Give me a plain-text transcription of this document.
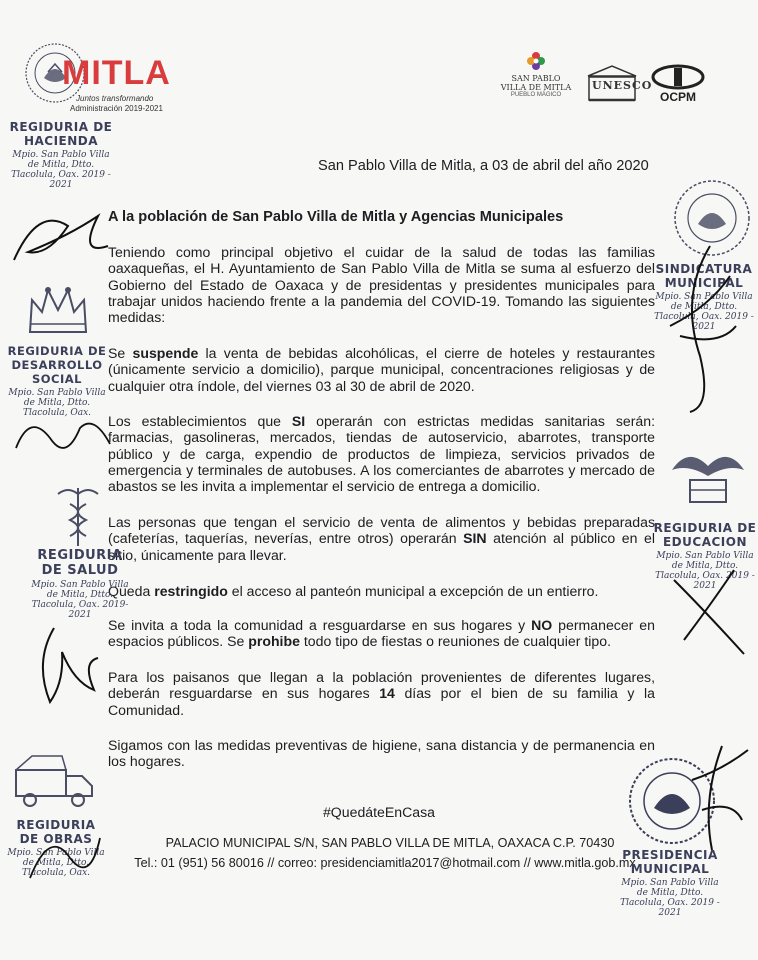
MITLA
Juntos transformando
Administración 2019-2021
SAN PABLO
VILLA DE MITLA
PUEBLO MÁGICO
UNESCO
OCPM
San Pablo Villa de Mitla, a 03 de abril del año 2020
A la población de San Pablo Villa de Mitla y Agencias Municipales
Teniendo como principal objetivo el cuidar de la salud de todas las familias oaxaqueñas, el H. Ayuntamiento de San Pablo Villa de Mitla se suma al esfuerzo del Gobierno del Estado de Oaxaca y de presidentas y presidentes municipales para trabajar unidos haciendo frente a la pandemia del COVID-19. Tomando las siguientes medidas:
Se suspende la venta de bebidas alcohólicas, el cierre de hoteles y restaurantes (únicamente servicio a domicilio), parque municipal, concentraciones religiosas y de cualquier otra índole, del viernes 03 al 30 de abril de 2020.
Los establecimientos que SI operarán con estrictas medidas sanitarias serán: farmacias, gasolineras, mercados, tiendas de autoservicio, abarrotes, transporte público y de carga, expendio de productos de limpieza, servicios privados de emergencia y terminales de autobuses. A los comerciantes de abarrotes y mercado de abastos se les invita a implementar el servicio de entrega a domicilio.
Las personas que tengan el servicio de venta de alimentos y bebidas preparadas (cafeterías, taquerías, neverías, entre otros) operarán SIN atención al público en el sitio, únicamente para llevar.
Queda restringido el acceso al panteón municipal a excepción de un entierro.
Se invita a toda la comunidad a resguardarse en sus hogares y NO permanecer en espacios públicos. Se prohibe todo tipo de fiestas o reuniones de cualquier tipo.
Para los paisanos que llegan a la población provenientes de diferentes lugares, deberán resguardarse en sus hogares 14 días por el bien de su familia y la Comunidad.
Sigamos con las medidas preventivas de higiene, sana distancia y de permanencia en los hogares.
#QuedáteEnCasa
PALACIO MUNICIPAL S/N, SAN PABLO VILLA DE MITLA, OAXACA C.P. 70430
Tel.: 01 (951) 56 80016 // correo: presidenciamitla2017@hotmail.com // www.mitla.gob.mx
REGIDURIA DE
HACIENDA
Mpio. San Pablo Villa de Mitla, Dtto. Tlacolula, Oax. 2019 - 2021
REGIDURIA DE
DESARROLLO
SOCIAL
Mpio. San Pablo Villa de Mitla, Dtto. Tlacolula, Oax.
REGIDURIA
DE SALUD
Mpio. San Pablo Villa de Mitla, Dtto. Tlacolula, Oax. 2019-2021
REGIDURIA
DE OBRAS
Mpio. San Pablo Villa de Mitla, Dtto. Tlacolula, Oax.
SINDICATURA
MUNICIPAL
Mpio. San Pablo Villa de Mitla, Dtto. Tlacolula, Oax. 2019 - 2021
REGIDURIA DE
EDUCACION
Mpio. San Pablo Villa de Mitla, Dtto. Tlacolula, Oax. 2019 - 2021
PRESIDENCIA
MUNICIPAL
Mpio. San Pablo Villa de Mitla, Dtto. Tlacolula, Oax. 2019 - 2021
